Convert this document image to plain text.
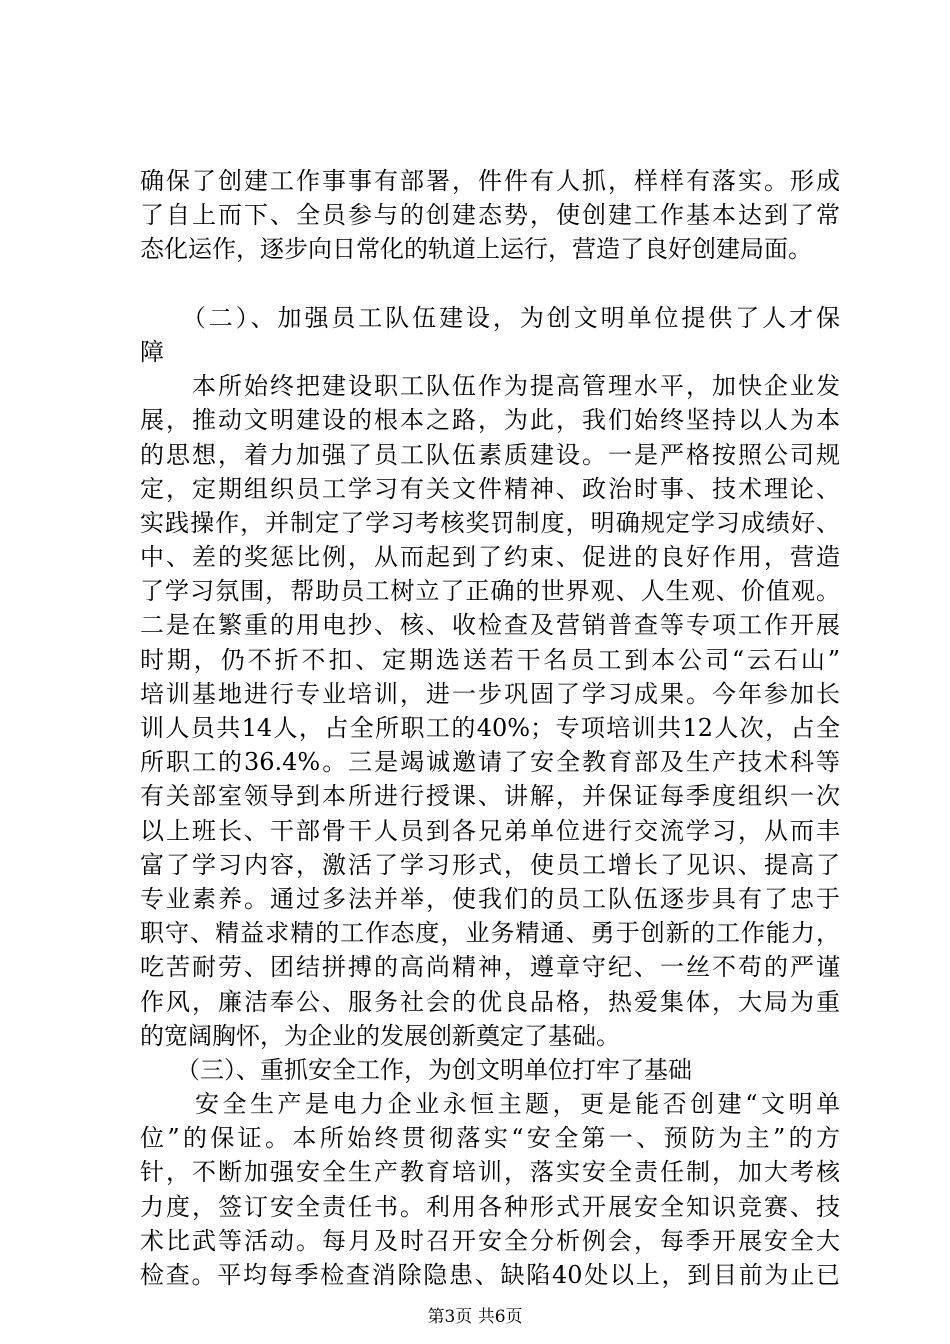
确保了创建工作事事有部署，件件有人抓，样样有落实。形成
了自上而下、全员参与的创建态势，使创建工作基本达到了常
态化运作，逐步向日常化的轨道上运行，营造了良好创建局面。
　　（二）、加强员工队伍建设，为创文明单位提供了人才保
障
　　本所始终把建设职工队伍作为提高管理水平，加快企业发
展，推动文明建设的根本之路，为此，我们始终坚持以人为本
的思想，着力加强了员工队伍素质建设。一是严格按照公司规
定，定期组织员工学习有关文件精神、政治时事、技术理论、
实践操作，并制定了学习考核奖罚制度，明确规定学习成绩好、
中、差的奖惩比例，从而起到了约束、促进的良好作用，营造
了学习氛围，帮助员工树立了正确的世界观、人生观、价值观。
二是在繁重的用电抄、核、收检查及营销普查等专项工作开展
时期，仍不折不扣、定期选送若干名员工到本公司“云石山”
培训基地进行专业培训，进一步巩固了学习成果。今年参加长
训人员共14人，占全所职工的40%；专项培训共12人次，占全
所职工的36.4%。三是竭诚邀请了安全教育部及生产技术科等
有关部室领导到本所进行授课、讲解，并保证每季度组织一次
以上班长、干部骨干人员到各兄弟单位进行交流学习，从而丰
富了学习内容，激活了学习形式，使员工增长了见识、提高了
专业素养。通过多法并举，使我们的员工队伍逐步具有了忠于
职守、精益求精的工作态度，业务精通、勇于创新的工作能力，
吃苦耐劳、团结拼搏的高尚精神，遵章守纪、一丝不苟的严谨
作风，廉洁奉公、服务社会的优良品格，热爱集体，大局为重
的宽阔胸怀，为企业的发展创新奠定了基础。
　　（三）、重抓安全工作，为创文明单位打牢了基础
　　安全生产是电力企业永恒主题，更是能否创建“文明单
位”的保证。本所始终贯彻落实“安全第一、预防为主”的方
针，不断加强安全生产教育培训，落实安全责任制，加大考核
力度，签订安全责任书。利用各种形式开展安全知识竞赛、技
术比武等活动。每月及时召开安全分析例会，每季开展安全大
检查。平均每季检查消除隐患、缺陷40处以上，到目前为止已
第3页 共6页
